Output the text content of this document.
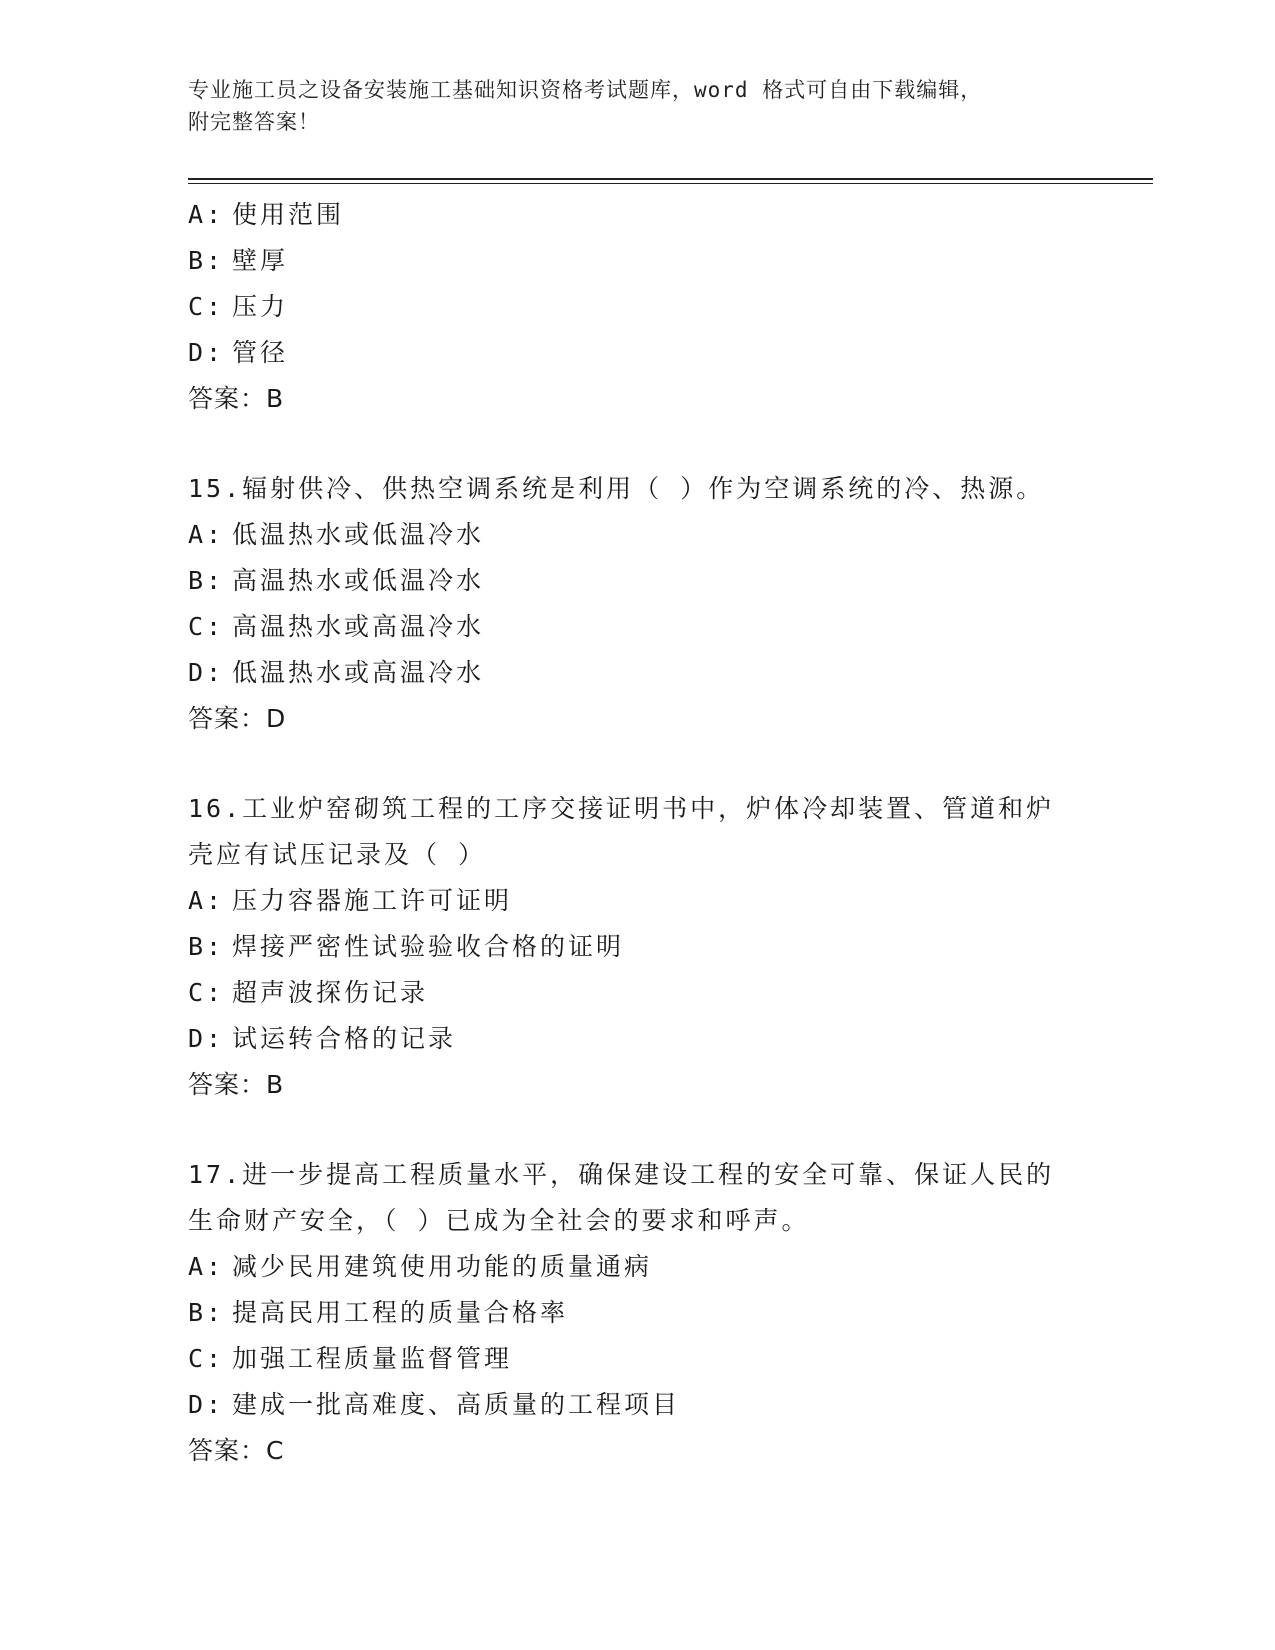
专业施工员之设备安装施工基础知识资格考试题库，word 格式可自由下载编辑，
附完整答案！
A: 使用范围
B: 壁厚
C: 压力
D: 管径
答案：B
15.辐射供冷、供热空调系统是利用（ ）作为空调系统的冷、热源。
A: 低温热水或低温冷水
B: 高温热水或低温冷水
C: 高温热水或高温冷水
D: 低温热水或高温冷水
答案：D
16.工业炉窑砌筑工程的工序交接证明书中，炉体冷却装置、管道和炉
壳应有试压记录及（ ）
A: 压力容器施工许可证明
B: 焊接严密性试验验收合格的证明
C: 超声波探伤记录
D: 试运转合格的记录
答案：B
17.进一步提高工程质量水平，确保建设工程的安全可靠、保证人民的
生命财产安全，（ ）已成为全社会的要求和呼声。
A: 减少民用建筑使用功能的质量通病
B: 提高民用工程的质量合格率
C: 加强工程质量监督管理
D: 建成一批高难度、高质量的工程项目
答案：C
